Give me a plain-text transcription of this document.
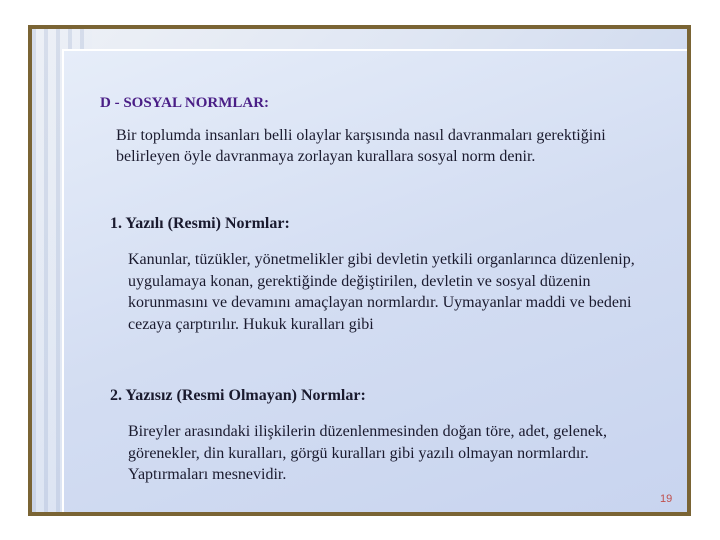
D - SOSYAL NORMLAR:

Bir toplumda insanları belli olaylar karşısında nasıl davranmaları gerektiğini
belirleyen öyle davranmaya zorlayan kurallara sosyal norm denir.

1. Yazılı (Resmi) Normlar:

Kanunlar, tüzükler, yönetmelikler gibi devletin yetkili organlarınca düzenlenip,
uygulamaya konan, gerektiğinde değiştirilen, devletin ve sosyal düzenin
korunmasını ve devamını amaçlayan normlardır. Uymayanlar maddi ve bedeni
cezaya çarptırılır. Hukuk kuralları gibi

2. Yazısız (Resmi Olmayan) Normlar:

Bireyler arasındaki ilişkilerin düzenlenmesinden doğan töre, adet, gelenek,
görenekler, din kuralları, görgü kuralları gibi yazılı olmayan normlardır.
Yaptırmaları mesnevidir.

19
